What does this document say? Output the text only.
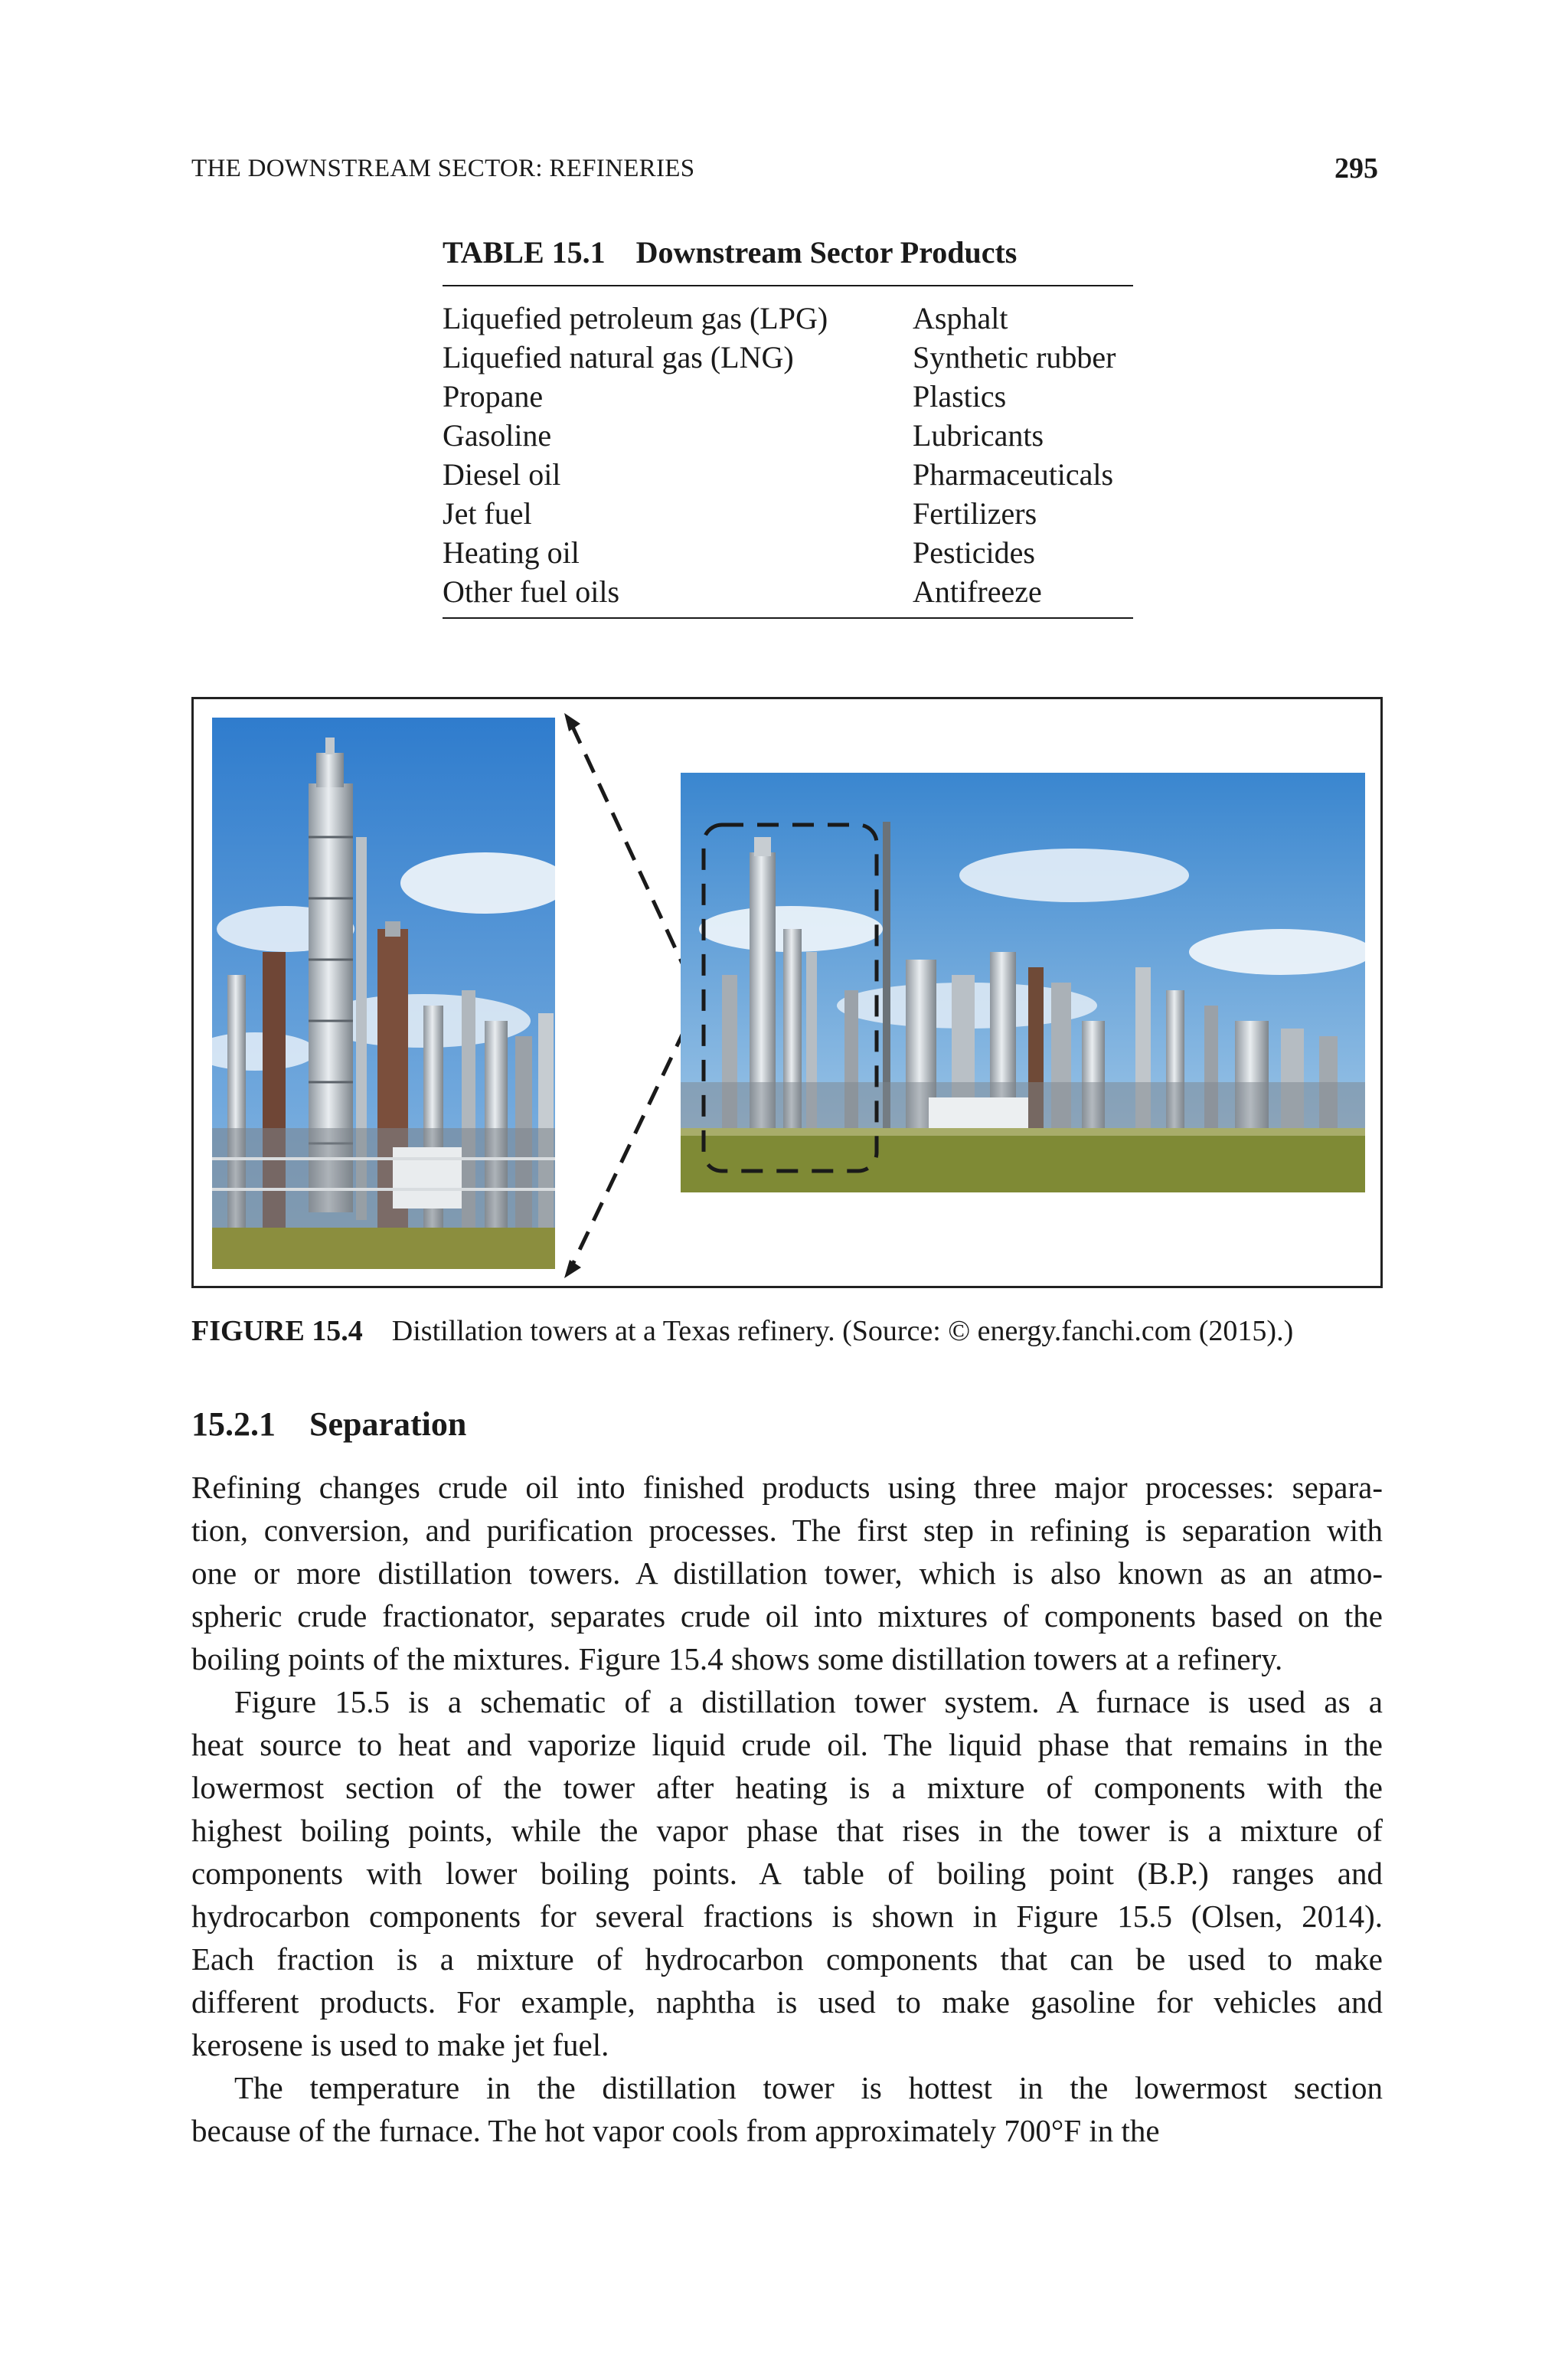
THE DOWNSTREAM SECTOR: REFINERIES	295
TABLE 15.1    Downstream Sector Products
Liquefied petroleum gas (LPG)	Asphalt
Liquefied natural gas (LNG)	Synthetic rubber
Propane	Plastics
Gasoline	Lubricants
Diesel oil	Pharmaceuticals
Jet fuel	Fertilizers
Heating oil	Pesticides
Other fuel oils	Antifreeze
FIGURE 15.4 Distillation towers at a Texas refinery. (Source: © energy.fanchi.com (2015).)
15.2.1 Separation
Refining changes crude oil into finished products using three major processes: separa-
tion, conversion, and purification processes. The first step in refining is separation with
one or more distillation towers. A distillation tower, which is also known as an atmo-
spheric crude fractionator, separates crude oil into mixtures of components based on the
boiling points of the mixtures. Figure 15.4 shows some distillation towers at a refinery.
Figure 15.5 is a schematic of a distillation tower system. A furnace is used as a
heat source to heat and vaporize liquid crude oil. The liquid phase that remains in the
lowermost section of the tower after heating is a mixture of components with the
highest boiling points, while the vapor phase that rises in the tower is a mixture of
components with lower boiling points. A table of boiling point (B.P.) ranges and
hydrocarbon components for several fractions is shown in Figure 15.5 (Olsen, 2014).
Each fraction is a mixture of hydrocarbon components that can be used to make
different products. For example, naphtha is used to make gasoline for vehicles and
kerosene is used to make jet fuel.
The temperature in the distillation tower is hottest in the lowermost section
because of the furnace. The hot vapor cools from approximately 700°F in the
